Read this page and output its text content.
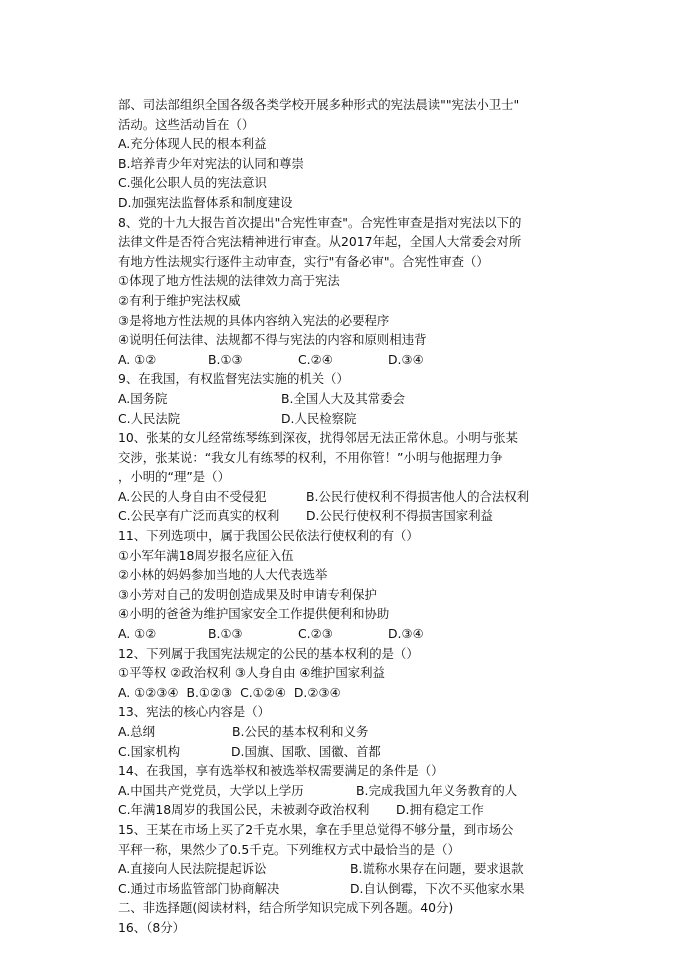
部、司法部组织全国各级各类学校开展多种形式的宪法晨读""宪法小卫士"
活动。这些活动旨在（）
A.充分体现人民的根本利益
B.培养青少年对宪法的认同和尊崇
C.强化公职人员的宪法意识
D.加强宪法监督体系和制度建设
8、党的十九大报告首次提出"合宪性审查"。合宪性审查是指对宪法以下的
法律文件是否符合宪法精神进行审查。从2017年起，全国人大常委会对所
有地方性法规实行逐件主动审查，实行"有备必审"。合宪性审查（）
①体现了地方性法规的法律效力高于宪法
②有利于维护宪法权威
③是将地方性法规的具体内容纳入宪法的必要程序
④说明任何法律、法规都不得与宪法的内容和原则相违背
A. ①②	B.①③	C.②④	D.③④
9、在我国，有权监督宪法实施的机关（）
A.国务院	B.全国人大及其常委会
C.人民法院	D.人民检察院
10、张某的女儿经常练琴练到深夜，扰得邻居无法正常休息。小明与张某
交涉，张某说：“我女儿有练琴的权利，不用你管！”小明与他据理力争
，小明的“理”是（）
A.公民的人身自由不受侵犯	B.公民行使权利不得损害他人的合法权利
C.公民享有广泛而真实的权利	D.公民行使权利不得损害国家利益
11、下列选项中，属于我国公民依法行使权利的有（）
①小军年满18周岁报名应征入伍
②小林的妈妈参加当地的人大代表选举
③小芳对自己的发明创造成果及时申请专利保护
④小明的爸爸为维护国家安全工作提供便利和协助
A. ①②	B.①③	C.②③	D.③④
12、下列属于我国宪法规定的公民的基本权利的是（）
①平等权 ②政治权利 ③人身自由 ④维护国家利益
A. ①②③④  B.①②③  C.①②④  D.②③④
13、宪法的核心内容是（）
A.总纲	B.公民的基本权利和义务
C.国家机构	D.国旗、国歌、国徽、首都
14、在我国，享有选举权和被选举权需要满足的条件是（）
A.中国共产党党员，大学以上学历	B.完成我国九年义务教育的人
C.年满18周岁的我国公民，未被剥夺政治权利	D.拥有稳定工作
15、王某在市场上买了2千克水果，拿在手里总觉得不够分量，到市场公
平秤一称，果然少了0.5千克。下列维权方式中最恰当的是（）
A.直接向人民法院提起诉讼	B.谎称水果存在问题，要求退款
C.通过市场监管部门协商解决	D.自认倒霉，下次不买他家水果
二、非选择题(阅读材料，结合所学知识完成下列各题。40分)
16、（8分）
